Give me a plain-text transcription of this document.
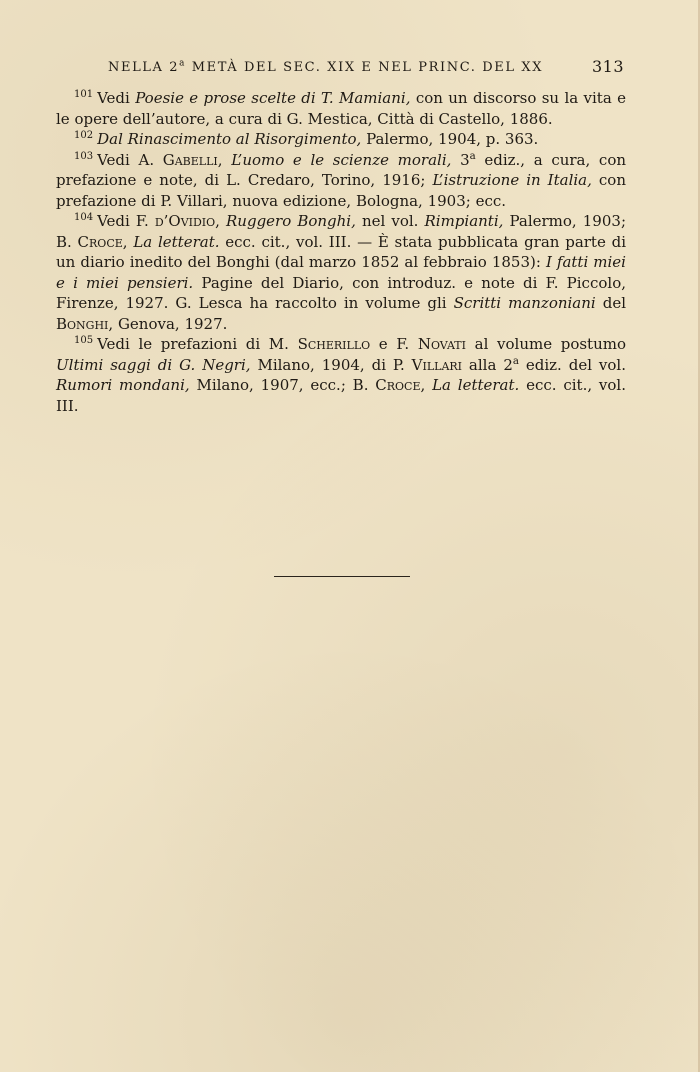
NELLA 2$^a$ METÀ DEL SEC. XIX E NEL PRINC. DEL XX	313

$^{101}$ Vedi Poesie e prose scelte di T. Mamiani, con un discorso su la vita e le opere dell’autore, a cura di G. Mestica, Città di Castello, 1886.

$^{102}$ Dal Rinascimento al Risorgimento, Palermo, 1904, p. 363.

$^{103}$ Vedi A. Gabelli, L’uomo e le scienze morali, 3$^a$ ediz., a cura, con prefazione e note, di L. Credaro, Torino, 1916; L’istruzione in Italia, con prefazione di P. Villari, nuova edizione, Bologna, 1903; ecc.

$^{104}$ Vedi F. d’Ovidio, Ruggero Bonghi, nel vol. Rimpianti, Palermo, 1903; B. Croce, La letterat. ecc. cit., vol. III. — È stata pubblicata gran parte di un diario inedito del Bonghi (dal marzo 1852 al febbraio 1853): I fatti miei e i miei pensieri. Pagine del Diario, con introduz. e note di F. Piccolo, Firenze, 1927. G. Lesca ha raccolto in volume gli Scritti manzoniani del Bonghi, Genova, 1927.

$^{105}$ Vedi le prefazioni di M. Scherillo e F. Novati al volume postumo Ultimi saggi di G. Negri, Milano, 1904, di P. Villari alla 2$^a$ ediz. del vol. Rumori mondani, Milano, 1907, ecc.; B. Croce, La letterat. ecc. cit., vol. III.
